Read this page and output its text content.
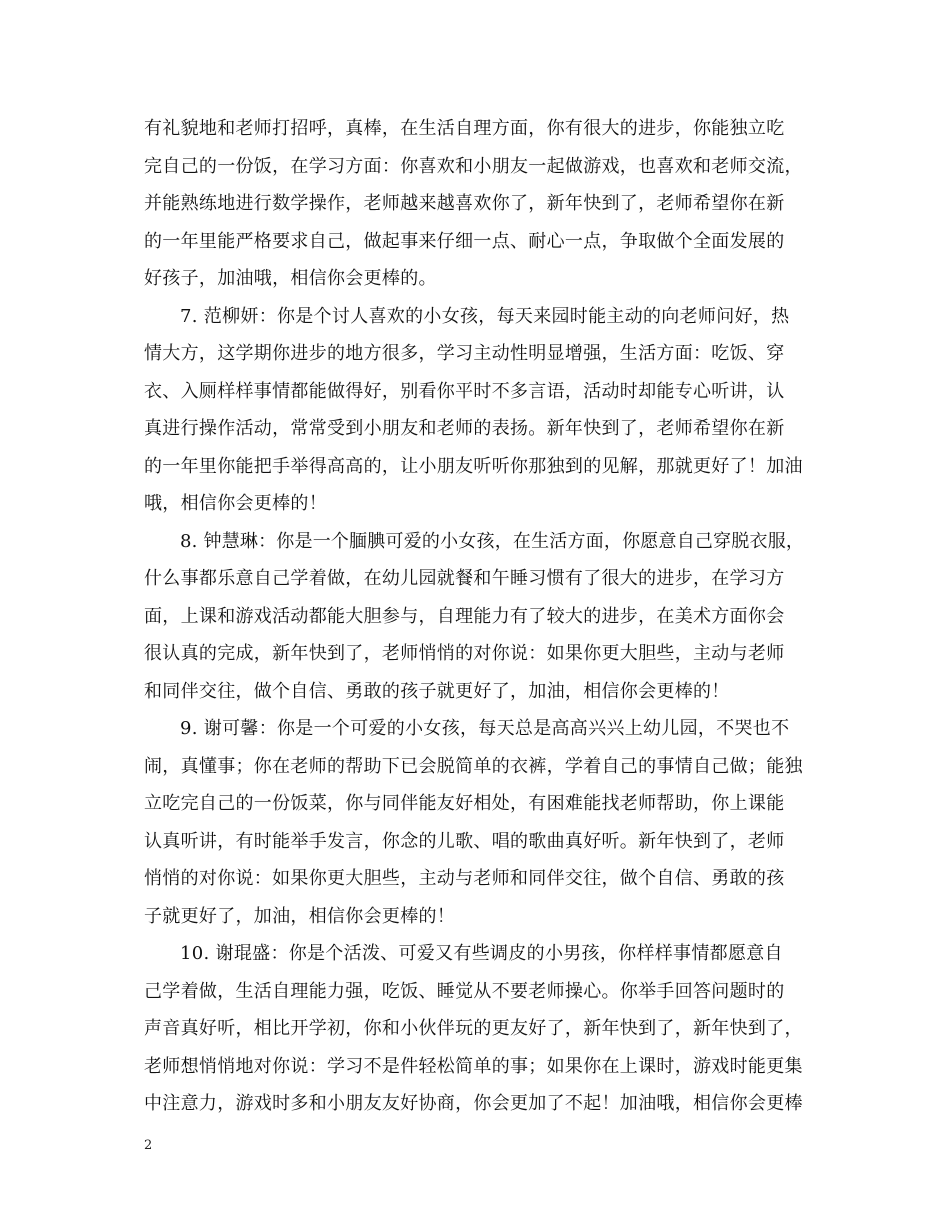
有礼貌地和老师打招呼，真棒，在生活自理方面，你有很大的进步，你能独立吃
完自己的一份饭，在学习方面：你喜欢和小朋友一起做游戏，也喜欢和老师交流，
并能熟练地进行数学操作，老师越来越喜欢你了，新年快到了，老师希望你在新
的一年里能严格要求自己，做起事来仔细一点、耐心一点，争取做个全面发展的
好孩子，加油哦，相信你会更棒的。

7. 范柳妍：你是个讨人喜欢的小女孩，每天来园时能主动的向老师问好，热
情大方，这学期你进步的地方很多，学习主动性明显增强，生活方面：吃饭、穿
衣、入厕样样事情都能做得好，别看你平时不多言语，活动时却能专心听讲，认
真进行操作活动，常常受到小朋友和老师的表扬。新年快到了，老师希望你在新
的一年里你能把手举得高高的，让小朋友听听你那独到的见解，那就更好了！加油
哦，相信你会更棒的！

8. 钟慧琳：你是一个腼腆可爱的小女孩，在生活方面，你愿意自己穿脱衣服，
什么事都乐意自己学着做，在幼儿园就餐和午睡习惯有了很大的进步，在学习方
面，上课和游戏活动都能大胆参与，自理能力有了较大的进步，在美术方面你会
很认真的完成，新年快到了，老师悄悄的对你说：如果你更大胆些，主动与老师
和同伴交往，做个自信、勇敢的孩子就更好了，加油，相信你会更棒的！

9. 谢可馨：你是一个可爱的小女孩，每天总是高高兴兴上幼儿园，不哭也不
闹，真懂事；你在老师的帮助下已会脱简单的衣裤，学着自己的事情自己做；能独
立吃完自己的一份饭菜，你与同伴能友好相处，有困难能找老师帮助，你上课能
认真听讲，有时能举手发言，你念的儿歌、唱的歌曲真好听。新年快到了，老师
悄悄的对你说：如果你更大胆些，主动与老师和同伴交往，做个自信、勇敢的孩
子就更好了，加油，相信你会更棒的！

10. 谢琨盛：你是个活泼、可爱又有些调皮的小男孩，你样样事情都愿意自
己学着做，生活自理能力强，吃饭、睡觉从不要老师操心。你举手回答问题时的
声音真好听，相比开学初，你和小伙伴玩的更友好了，新年快到了，新年快到了，
老师想悄悄地对你说：学习不是件轻松简单的事；如果你在上课时，游戏时能更集
中注意力，游戏时多和小朋友友好协商，你会更加了不起！加油哦，相信你会更棒

2
